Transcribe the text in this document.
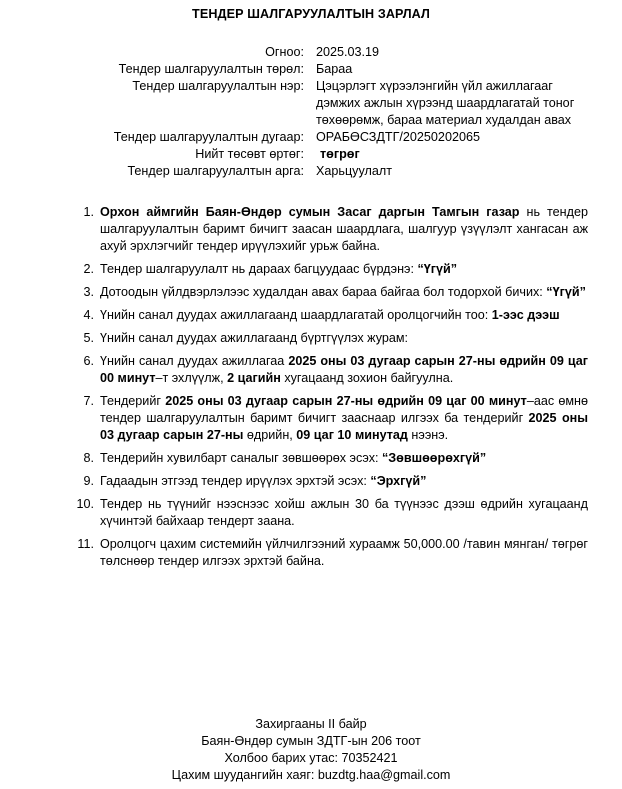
ТЕНДЕР ШАЛГАРУУЛАЛТЫН ЗАРЛАЛ
Огноо: 2025.03.19
Тендер шалгаруулалтын төрөл: Бараа
Тендер шалгаруулалтын нэр: Цэцэрлэгт хүрээлэнгийн үйл ажиллагааг дэмжих ажлын хүрээнд шаардлагатай тоног төхөөрөмж, бараа материал худалдан авах
Тендер шалгаруулалтын дугаар: ОРАБӨСЗДТГ/20250202065
Нийт төсөвт өртөг:	төгрөг
Тендер шалгаруулалтын арга: Харьцуулалт
1. Орхон аймгийн Баян-Өндөр сумын Засаг даргын Тамгын газар нь тендер шалгаруулалтын баримт бичигт заасан шаардлага, шалгуур үзүүлэлт хангасан аж ахуй эрхлэгчийг тендер ирүүлэхийг урьж байна.
2. Тендер шалгаруулалт нь дараах багцуудаас бүрдэнэ: “Үгүй”
3. Дотоодын үйлдвэрлэлээс худалдан авах бараа байгаа бол тодорхой бичих: “Үгүй”
4. Үнийн санал дуудах ажиллагаанд шаардлагатай оролцогчийн тоо: 1-ээс дээш
5. Үнийн санал дуудах ажиллагаанд бүртгүүлэх журам:
6. Үнийн санал дуудах ажиллагаа 2025 оны 03 дугаар сарын 27-ны өдрийн 09 цаг 00 минут–т эхлүүлж, 2 цагийн хугацаанд зохион байгуулна.
7. Тендерийг 2025 оны 03 дугаар сарын 27-ны өдрийн 09 цаг 00 минут–аас өмнө тендер шалгаруулалтын баримт бичигт зааснаар илгээх ба тендерийг 2025 оны 03 дугаар сарын 27-ны өдрийн, 09 цаг 10 минутад нээнэ.
8. Тендерийн хувилбарт саналыг зөвшөөрөх эсэх: “Зөвшөөрөхгүй”
9. Гадаадын этгээд тендер ирүүлэх эрхтэй эсэх: “Эрхгүй”
10. Тендер нь түүнийг нээснээс хойш ажлын 30 ба түүнээс дээш өдрийн хугацаанд хүчинтэй байхаар тендерт заана.
11. Оролцогч цахим системийн үйлчилгээний хураамж 50,000.00 /тавин мянган/ төгрөг төлснөөр тендер илгээх эрхтэй байна.
Захиргааны II байр
Баян-Өндөр сумын ЗДТГ-ын 206 тоот
Холбоо барих утас: 70352421
Цахим шуудангийн хаяг: buzdtg.haa@gmail.com
